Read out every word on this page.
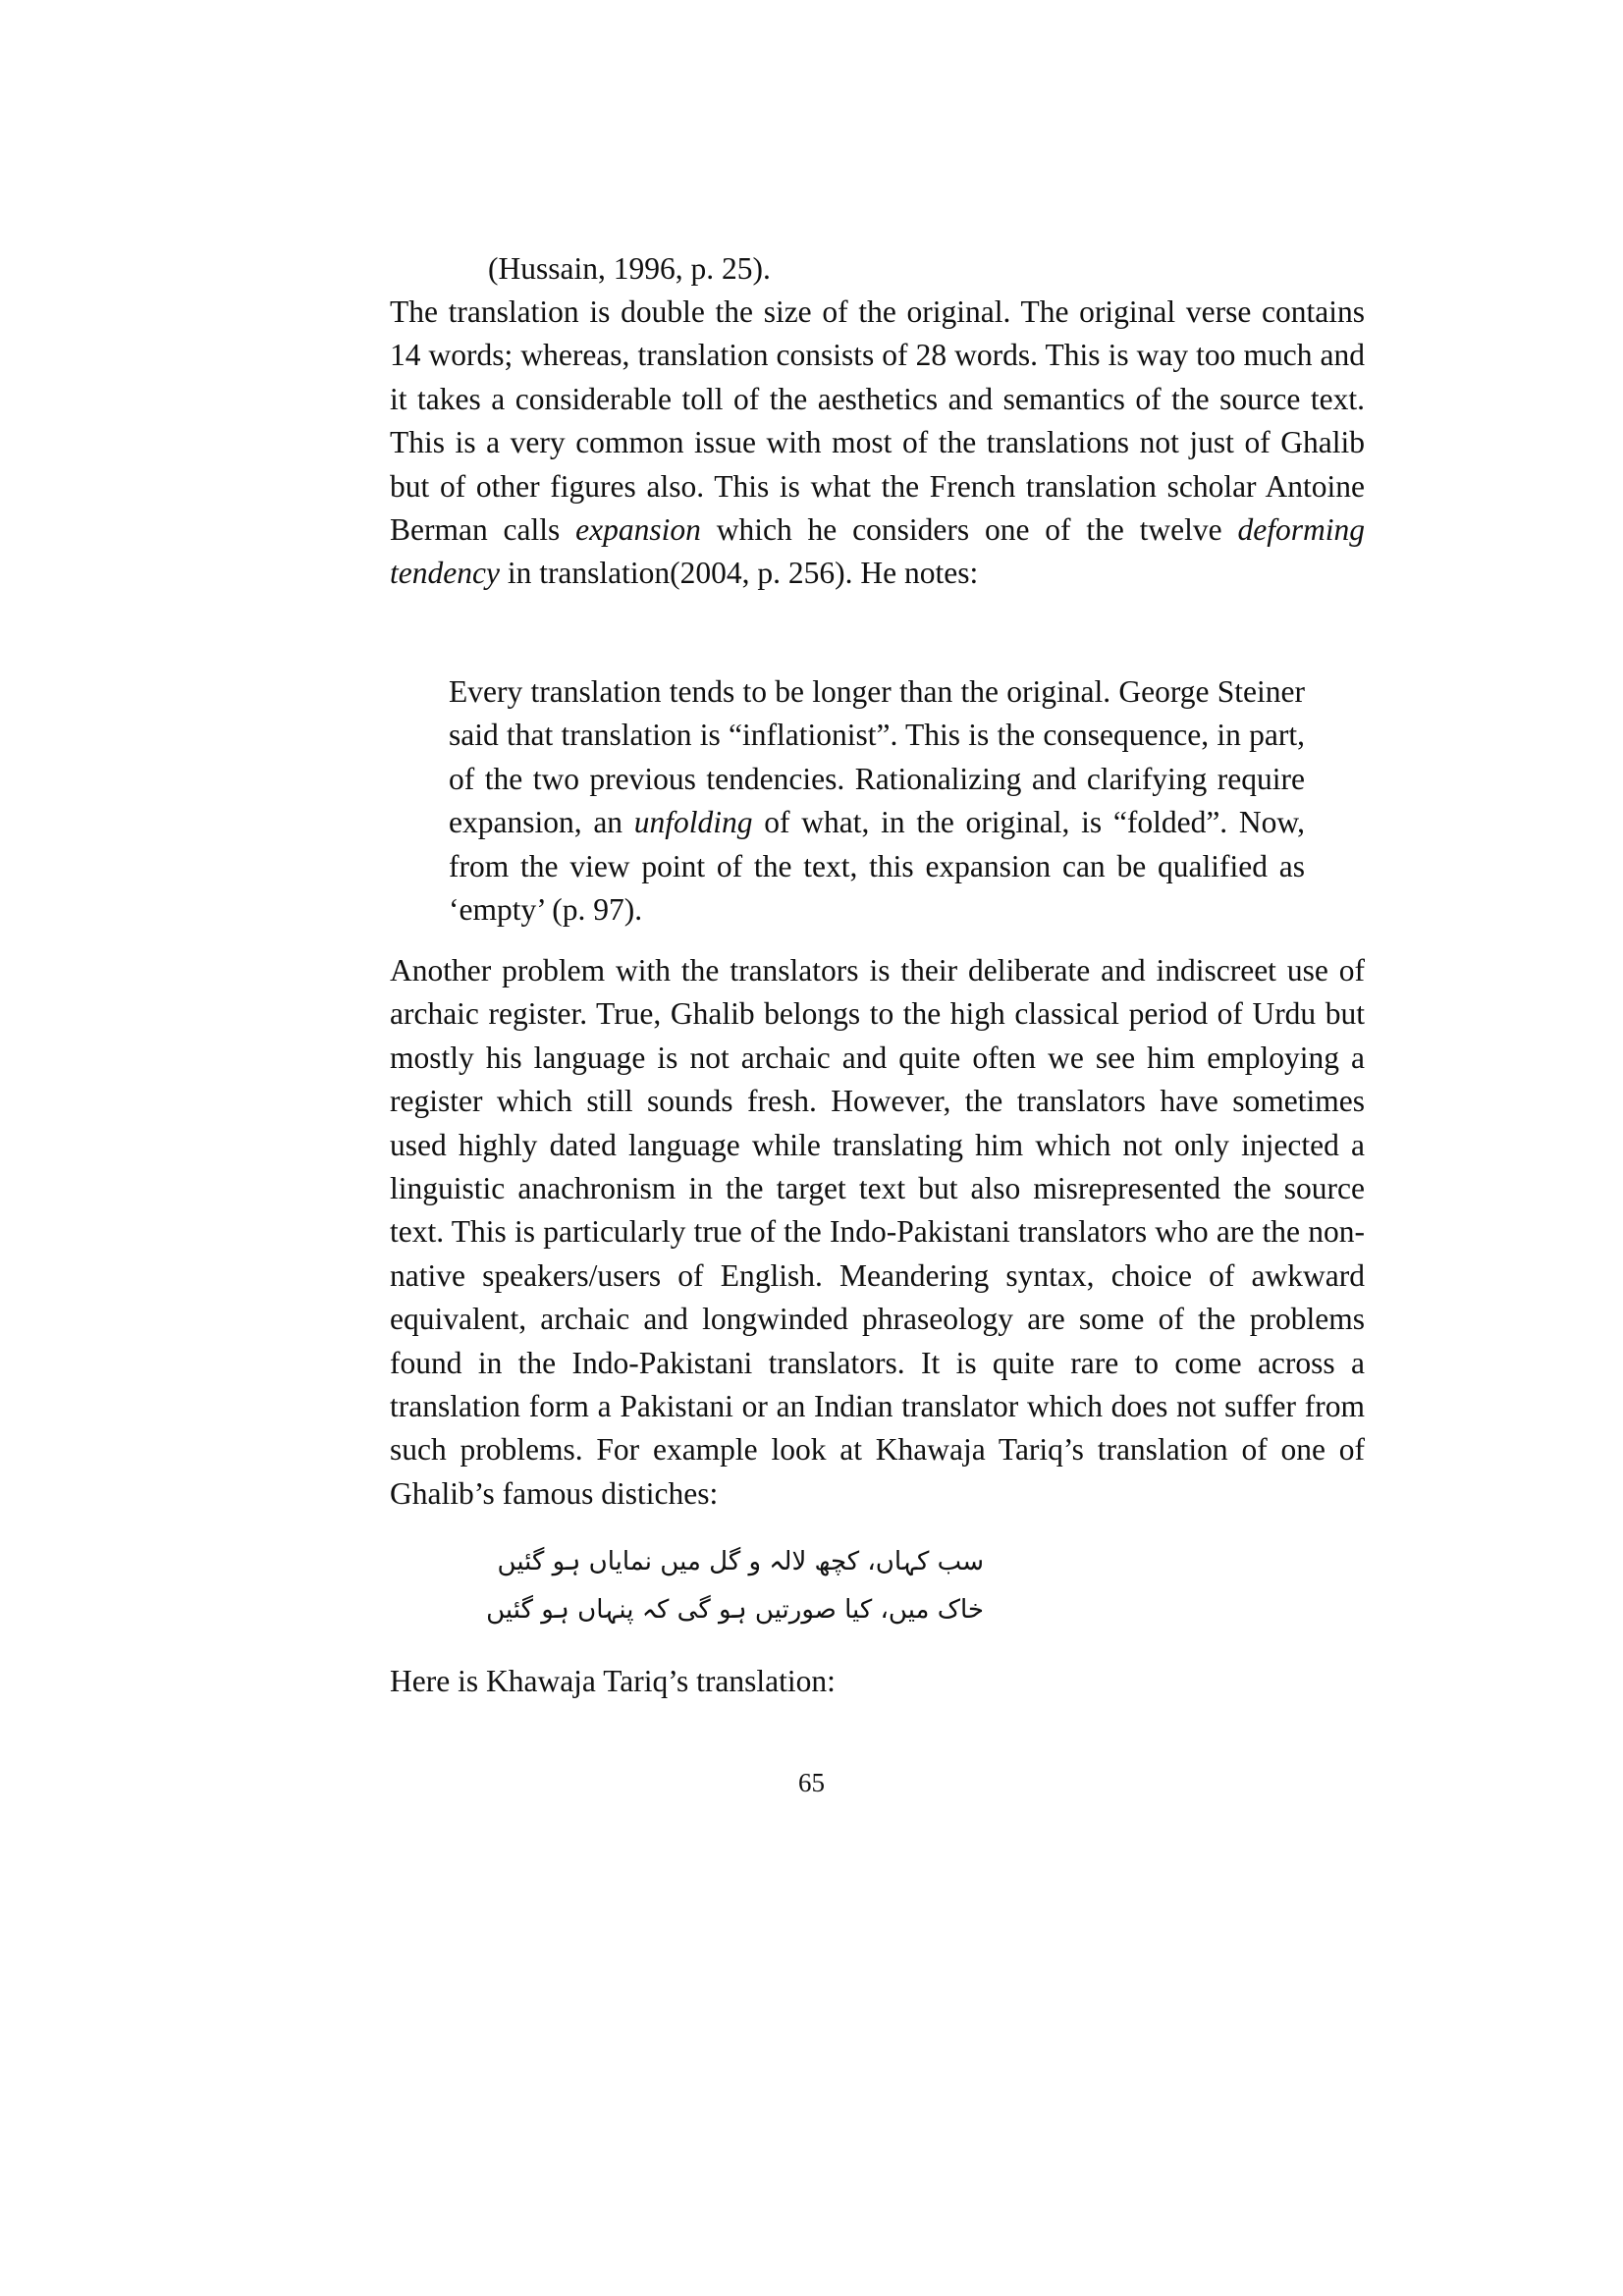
(Hussain, 1996, p. 25).

The translation is double the size of the original. The original verse contains 14 words; whereas, translation consists of 28 words. This is way too much and it takes a considerable toll of the aesthetics and semantics of the source text. This is a very common issue with most of the translations not just of Ghalib but of other figures also. This is what the French translation scholar Antoine Berman calls expansion which he considers one of the twelve deforming tendency in translation(2004, p. 256). He notes:

Every translation tends to be longer than the original. George Steiner said that translation is “inflationist”. This is the consequence, in part, of the two previous tendencies. Rationalizing and clarifying require expansion, an unfolding of what, in the original, is “folded”. Now, from the view point of the text, this expansion can be qualified as ‘empty’ (p. 97).

Another problem with the translators is their deliberate and indiscreet use of archaic register. True, Ghalib belongs to the high classical period of Urdu but mostly his language is not archaic and quite often we see him employing a register which still sounds fresh. However, the translators have sometimes used highly dated language while translating him which not only injected a linguistic anachronism in the target text but also misrepresented the source text. This is particularly true of the Indo-Pakistani translators who are the non-native speakers/users of English. Meandering syntax, choice of awkward equivalent, archaic and longwinded phraseology are some of the problems found in the Indo-Pakistani translators. It is quite rare to come across a translation form a Pakistani or an Indian translator which does not suffer from such problems. For example look at Khawaja Tariq’s translation of one of Ghalib’s famous distiches:

سب کہاں، کچھ لالہ و گل میں نمایاں ہو گئیں

خاک میں، کیا صورتیں ہو گی کہ پنہاں ہو گئیں

Here is Khawaja Tariq’s translation:

65
